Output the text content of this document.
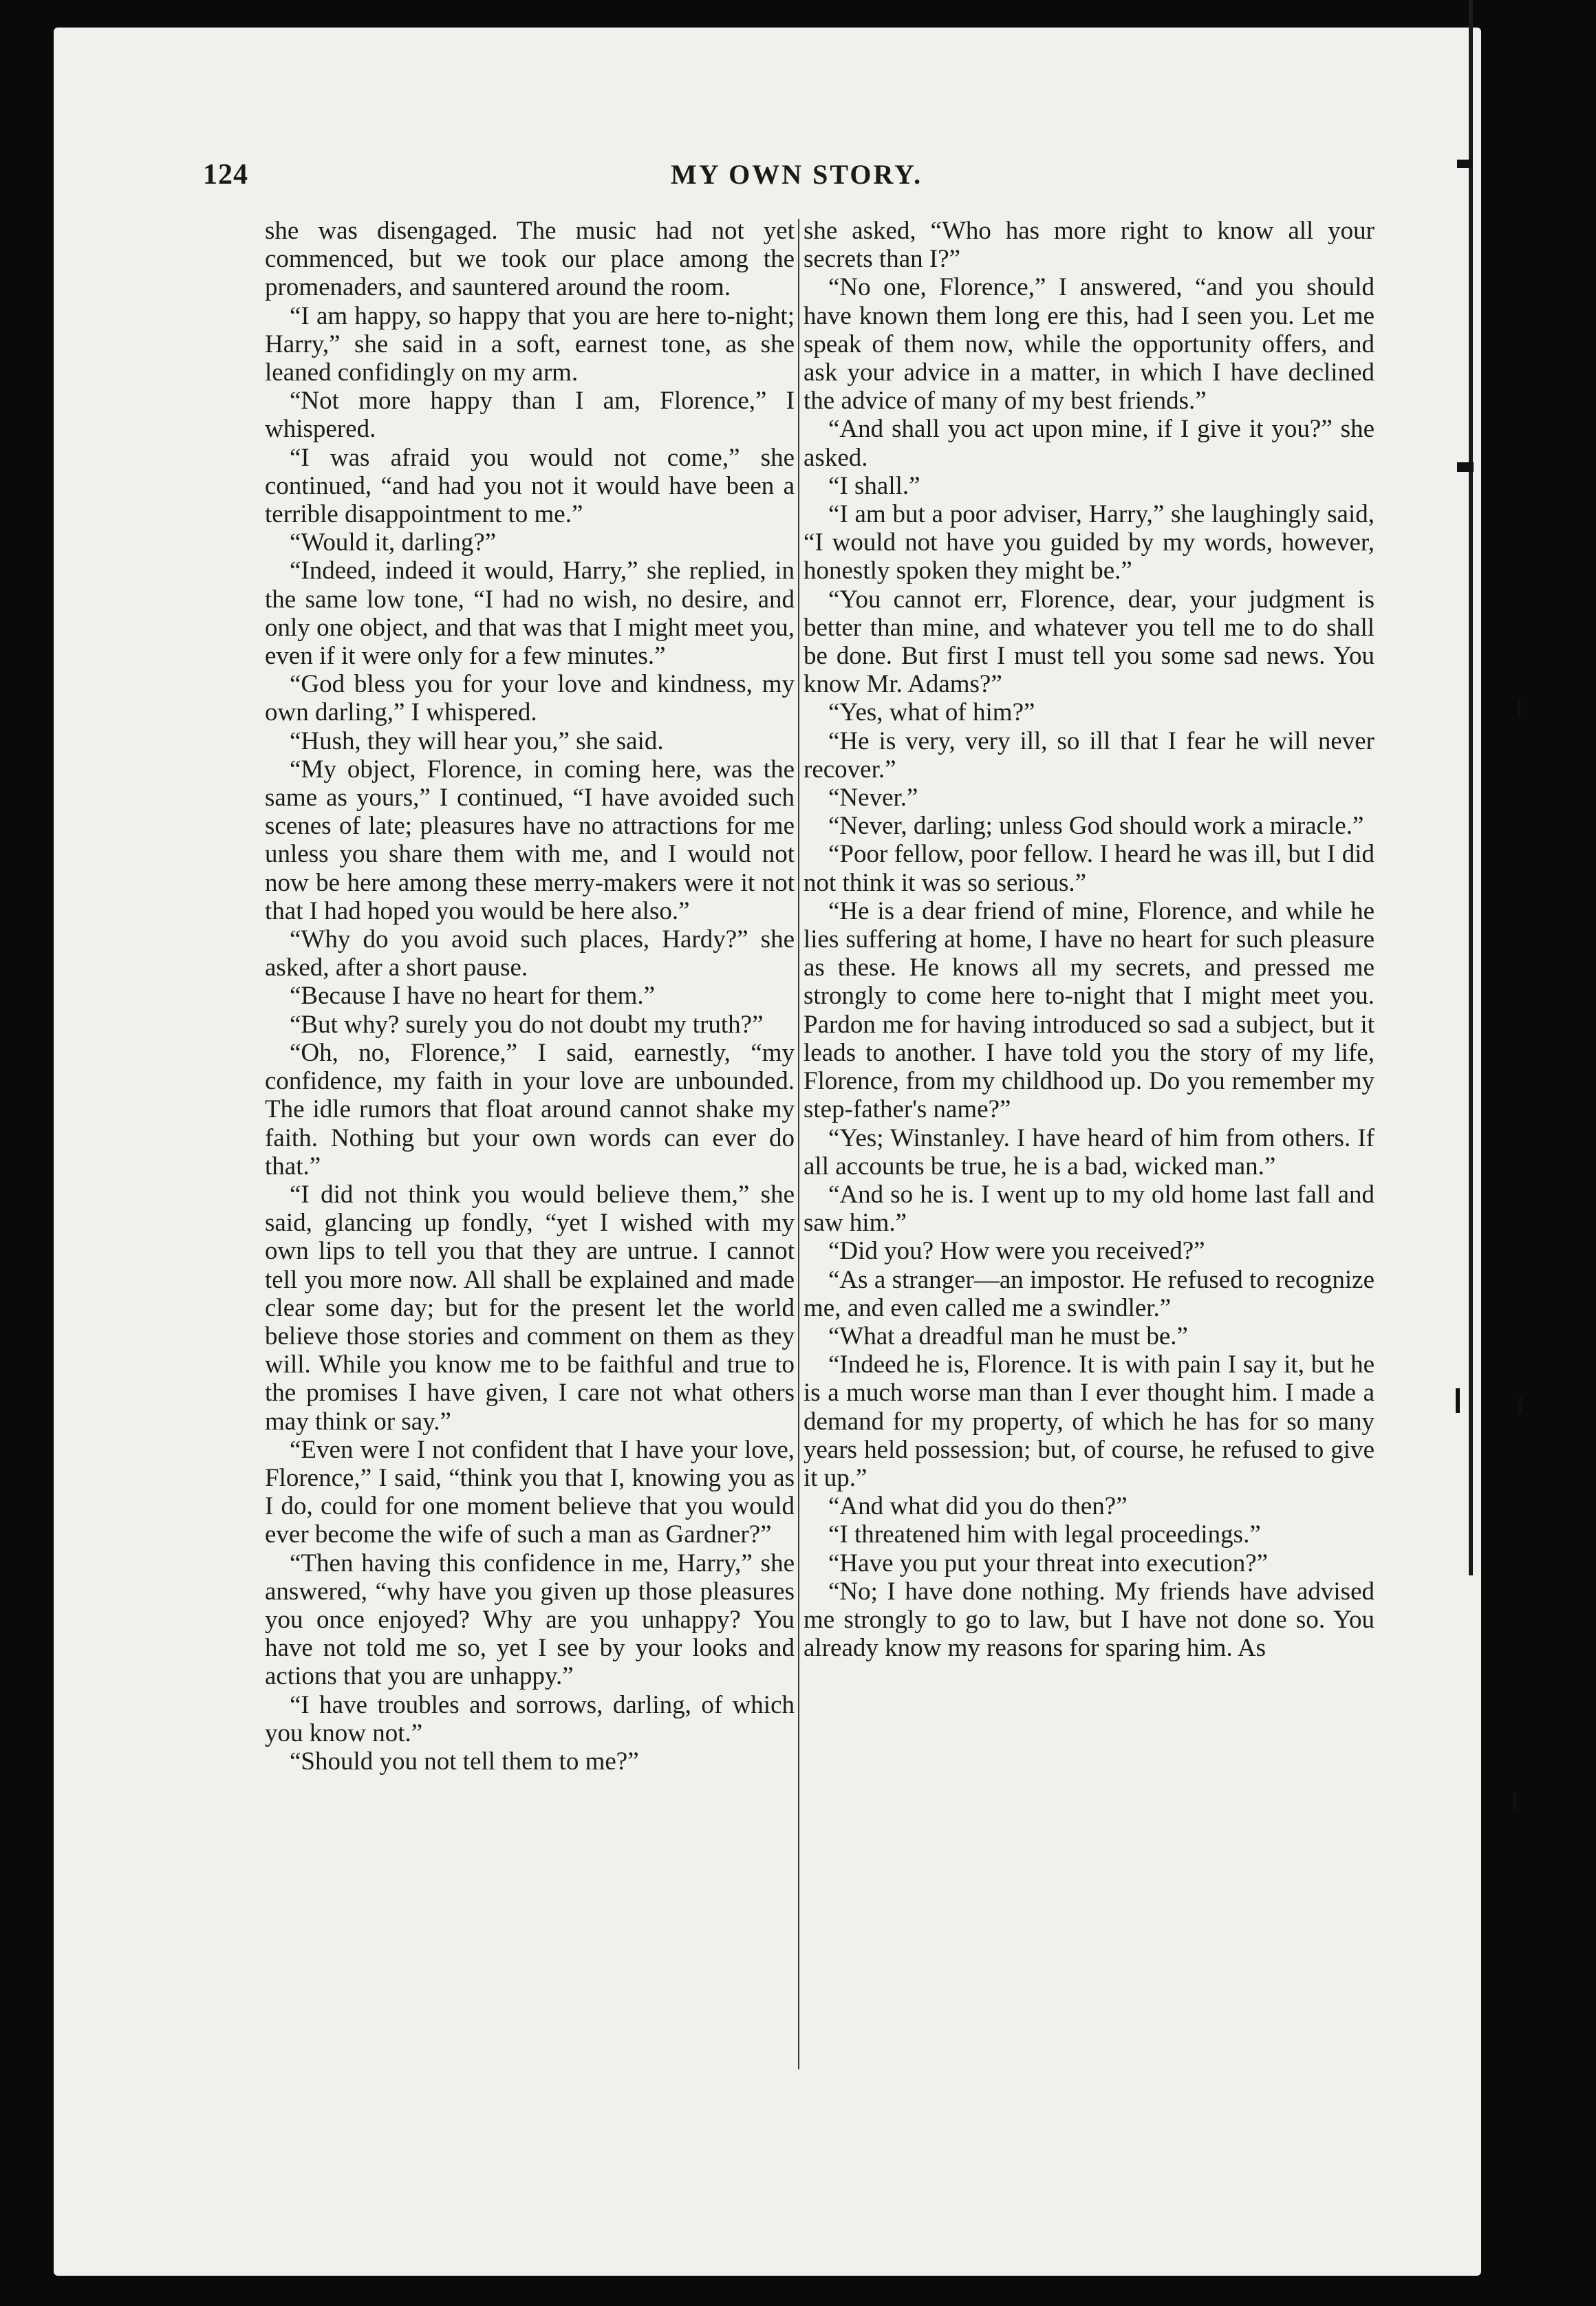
124	MY OWN STORY.

she was disengaged. The music had not yet commenced, but we took our place among the promenaders, and sauntered around the room.

“I am happy, so happy that you are here to-night; Harry,” she said in a soft, earnest tone, as she leaned confidingly on my arm.

“Not more happy than I am, Florence,” I whispered.

“I was afraid you would not come,” she continued, “and had you not it would have been a terrible disappointment to me.”

“Would it, darling?”

“Indeed, indeed it would, Harry,” she replied, in the same low tone, “I had no wish, no desire, and only one object, and that was that I might meet you, even if it were only for a few minutes.”

“God bless you for your love and kindness, my own darling,” I whispered.

“Hush, they will hear you,” she said.

“My object, Florence, in coming here, was the same as yours,” I continued, “I have avoided such scenes of late; pleasures have no attractions for me unless you share them with me, and I would not now be here among these merry-makers were it not that I had hoped you would be here also.”

“Why do you avoid such places, Hardy?” she asked, after a short pause.

“Because I have no heart for them.”

“But why? surely you do not doubt my truth?”

“Oh, no, Florence,” I said, earnestly, “my confidence, my faith in your love are unbounded. The idle rumors that float around cannot shake my faith. Nothing but your own words can ever do that.”

“I did not think you would believe them,” she said, glancing up fondly, “yet I wished with my own lips to tell you that they are untrue. I cannot tell you more now. All shall be explained and made clear some day; but for the present let the world believe those stories and comment on them as they will. While you know me to be faithful and true to the promises I have given, I care not what others may think or say.”

“Even were I not confident that I have your love, Florence,” I said, “think you that I, knowing you as I do, could for one moment believe that you would ever become the wife of such a man as Gardner?”

“Then having this confidence in me, Harry,” she answered, “why have you given up those pleasures you once enjoyed? Why are you unhappy? You have not told me so, yet I see by your looks and actions that you are unhappy.”

“I have troubles and sorrows, darling, of which you know not.”

“Should you not tell them to me?”

she asked, “Who has more right to know all your secrets than I?”

“No one, Florence,” I answered, “and you should have known them long ere this, had I seen you. Let me speak of them now, while the opportunity offers, and ask your advice in a matter, in which I have declined the advice of many of my best friends.”

“And shall you act upon mine, if I give it you?” she asked.

“I shall.”

“I am but a poor adviser, Harry,” she laughingly said, “I would not have you guided by my words, however, honestly spoken they might be.”

“You cannot err, Florence, dear, your judgment is better than mine, and whatever you tell me to do shall be done. But first I must tell you some sad news. You know Mr. Adams?”

“Yes, what of him?”

“He is very, very ill, so ill that I fear he will never recover.”

“Never.”

“Never, darling; unless God should work a miracle.”

“Poor fellow, poor fellow. I heard he was ill, but I did not think it was so serious.”

“He is a dear friend of mine, Florence, and while he lies suffering at home, I have no heart for such pleasure as these. He knows all my secrets, and pressed me strongly to come here to-night that I might meet you. Pardon me for having introduced so sad a subject, but it leads to another. I have told you the story of my life, Florence, from my childhood up. Do you remember my step-father's name?”

“Yes; Winstanley. I have heard of him from others. If all accounts be true, he is a bad, wicked man.”

“And so he is. I went up to my old home last fall and saw him.”

“Did you? How were you received?”

“As a stranger—an impostor. He refused to recognize me, and even called me a swindler.”

“What a dreadful man he must be.”

“Indeed he is, Florence. It is with pain I say it, but he is a much worse man than I ever thought him. I made a demand for my property, of which he has for so many years held possession; but, of course, he refused to give it up.”

“And what did you do then?”

“I threatened him with legal proceedings.”

“Have you put your threat into execution?”

“No; I have done nothing. My friends have advised me strongly to go to law, but I have not done so. You already know my reasons for sparing him. As
